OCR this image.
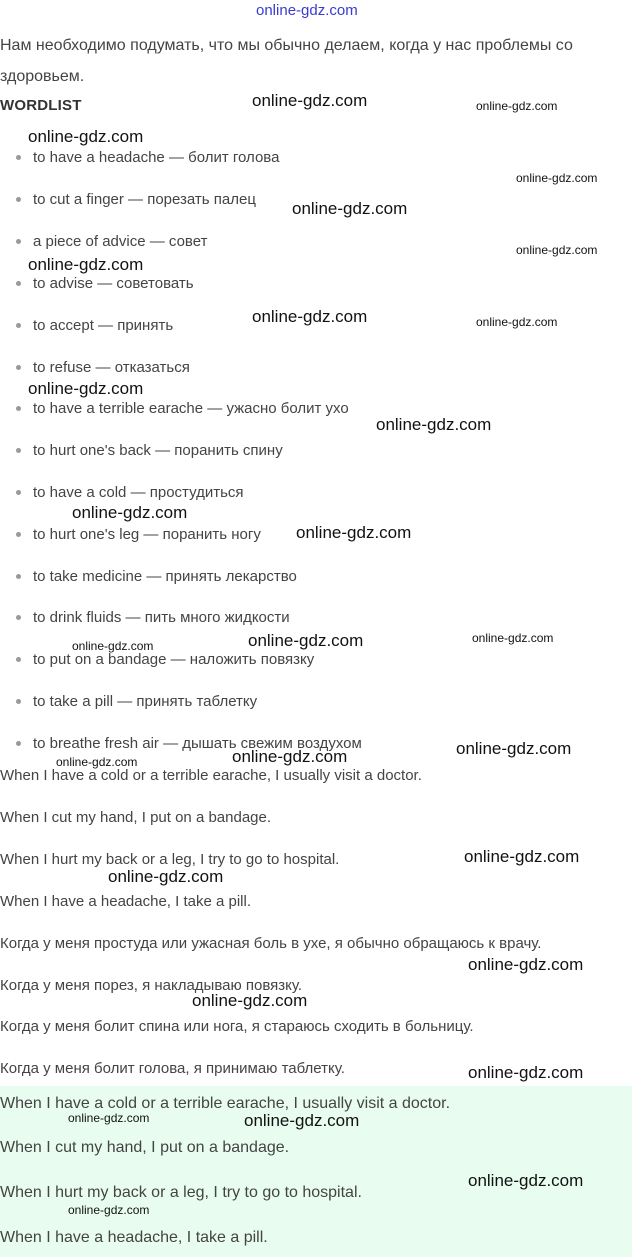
online-gdz.com

Нам необходимо подумать, что мы обычно делаем, когда у нас проблемы со здоровьем.

WORDLIST
to have a headache — болит голова
to cut a finger — порезать палец
a piece of advice — совет
to advise — советовать
to accept — принять
to refuse — отказаться
to have a terrible earache — ужасно болит ухо
to hurt one's back — поранить спину
to have a cold — простудиться
to hurt one's leg — поранить ногу
to take medicine — принять лекарство
to drink fluids — пить много жидкости
to put on a bandage — наложить повязку
to take a pill — принять таблетку
to breathe fresh air — дышать свежим воздухом

When I have a cold or a terrible earache, I usually visit a doctor.

When I cut my hand, I put on a bandage.

When I hurt my back or a leg, I try to go to hospital.

When I have a headache, I take a pill.

Когда у меня простуда или ужасная боль в ухе, я обычно обращаюсь к врачу.

Когда у меня порез, я накладываю повязку.

Когда у меня болит спина или нога, я стараюсь сходить в больницу.

Когда у меня болит голова, я принимаю таблетку.

When I have a cold or a terrible earache, I usually visit a doctor.

When I cut my hand, I put on a bandage.

When I hurt my back or a leg, I try to go to hospital.

When I have a headache, I take a pill.

online-gdz.com	online-gdz.com
online-gdz.com
online-gdz.com
online-gdz.com
online-gdz.com
online-gdz.com
online-gdz.com	online-gdz.com
online-gdz.com
online-gdz.com
online-gdz.com
online-gdz.com
online-gdz.com
online-gdz.com
online-gdz.com
online-gdz.com
online-gdz.com
online-gdz.com
online-gdz.com
online-gdz.com
online-gdz.com
online-gdz.com
online-gdz.com
online-gdz.com
online-gdz.com
online-gdz.com
online-gdz.com
